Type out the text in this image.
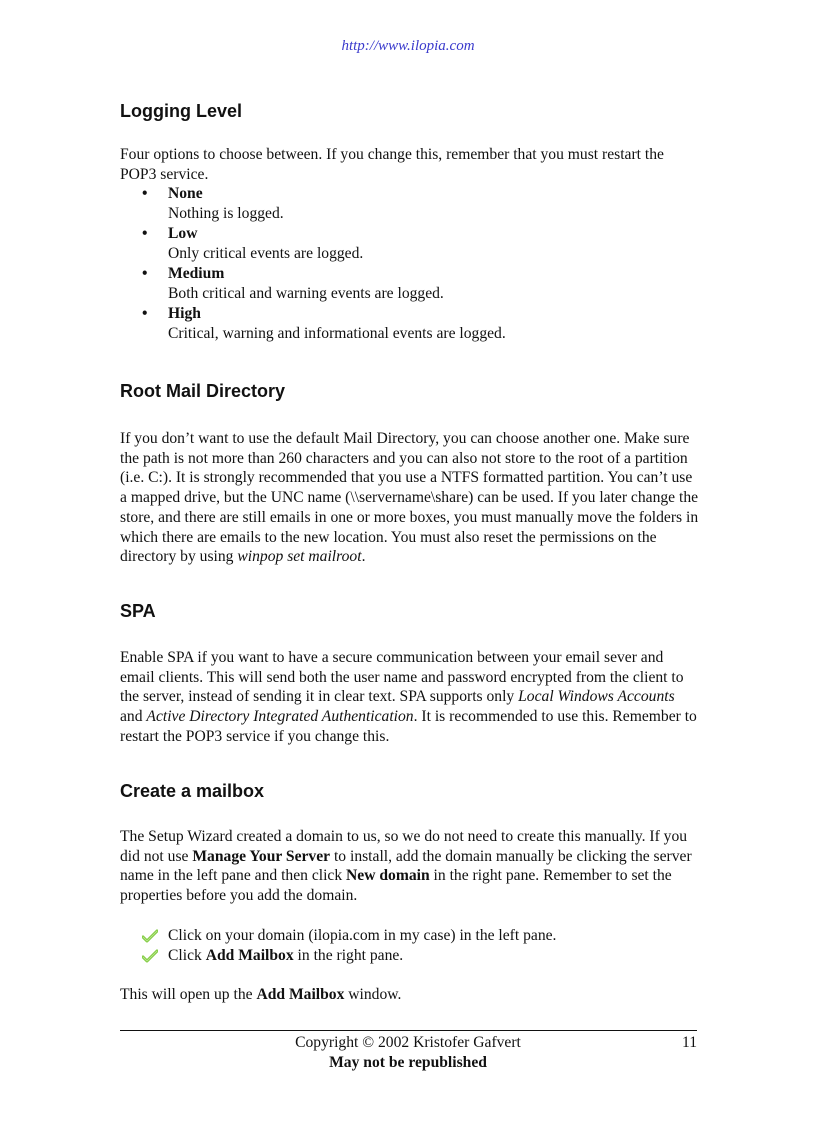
http://www.ilopia.com
Logging Level

Four options to choose between. If you change this, remember that you must restart the POP3 service.

• None
Nothing is logged.
• Low
Only critical events are logged.
• Medium
Both critical and warning events are logged.
• High
Critical, warning and informational events are logged.
Root Mail Directory

If you don’t want to use the default Mail Directory, you can choose another one. Make sure the path is not more than 260 characters and you can also not store to the root of a partition (i.e. C:). It is strongly recommended that you use a NTFS formatted partition. You can’t use a mapped drive, but the UNC name (\\servername\share) can be used. If you later change the store, and there are still emails in one or more boxes, you must manually move the folders in which there are emails to the new location. You must also reset the permissions on the directory by using winpop set mailroot.

SPA

Enable SPA if you want to have a secure communication between your email sever and email clients. This will send both the user name and password encrypted from the client to the server, instead of sending it in clear text. SPA supports only Local Windows Accounts and Active Directory Integrated Authentication. It is recommended to use this. Remember to restart the POP3 service if you change this.

Create a mailbox

The Setup Wizard created a domain to us, so we do not need to create this manually. If you did not use Manage Your Server to install, add the domain manually be clicking the server name in the left pane and then click New domain in the right pane. Remember to set the properties before you add the domain.

Click on your domain (ilopia.com in my case) in the left pane.
Click Add Mailbox in the right pane.

This will open up the Add Mailbox window.

Copyright © 2002 Kristofer Gafvert	11
May not be republished
